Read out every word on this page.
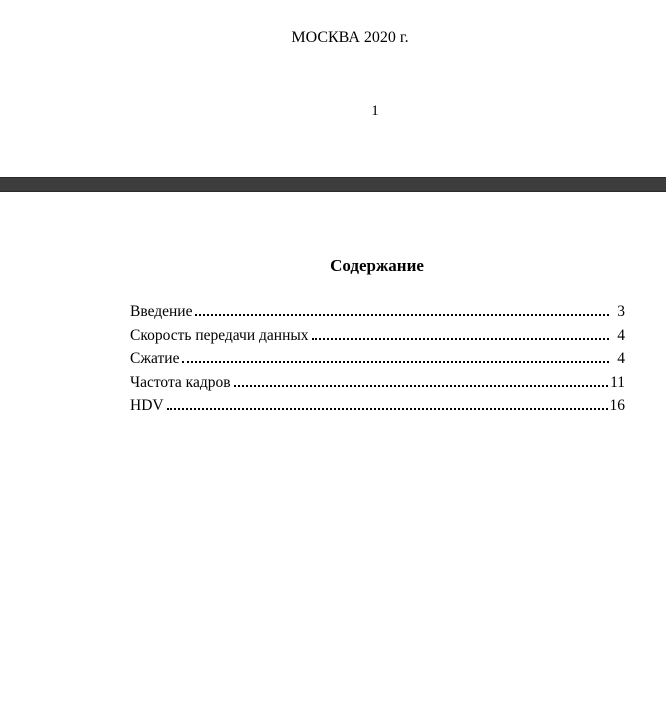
МОСКВА 2020 г.
1
Содержание
Введение	3
Скорость передачи данных	4
Сжатие	4
Частота кадров	11
HDV	16
